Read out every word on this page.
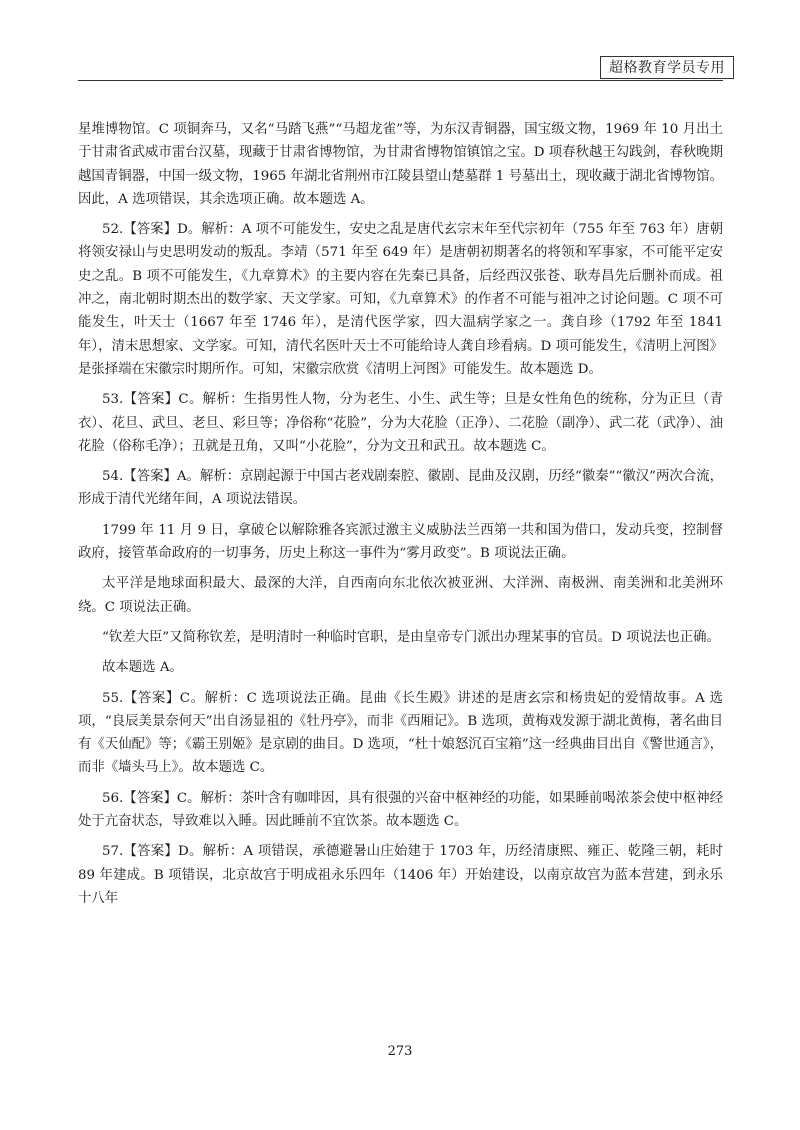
超格教育学员专用

星堆博物馆。C 项铜奔马，又名“马踏飞燕”“马超龙雀”等，为东汉青铜器，国宝级文物，1969 年 10 月出土于甘肃省武威市雷台汉墓，现藏于甘肃省博物馆，为甘肃省博物馆镇馆之宝。D 项春秋越王勾践剑，春秋晚期越国青铜器，中国一级文物，1965 年湖北省荆州市江陵县望山楚墓群 1 号墓出土，现收藏于湖北省博物馆。因此，A 选项错误，其余选项正确。故本题选 A。

52.【答案】D。解析：A 项不可能发生，安史之乱是唐代玄宗末年至代宗初年（755 年至 763 年）唐朝将领安禄山与史思明发动的叛乱。李靖（571 年至 649 年）是唐朝初期著名的将领和军事家，不可能平定安史之乱。B 项不可能发生，《九章算术》的主要内容在先秦已具备，后经西汉张苍、耿寿昌先后删补而成。祖冲之，南北朝时期杰出的数学家、天文学家。可知，《九章算术》的作者不可能与祖冲之讨论问题。C 项不可能发生，叶天士（1667 年至 1746 年），是清代医学家，四大温病学家之一。龚自珍（1792 年至 1841 年），清末思想家、文学家。可知，清代名医叶天士不可能给诗人龚自珍看病。D 项可能发生，《清明上河图》是张择端在宋徽宗时期所作。可知，宋徽宗欣赏《清明上河图》可能发生。故本题选 D。

53.【答案】C。解析：生指男性人物，分为老生、小生、武生等；旦是女性角色的统称，分为正旦（青衣）、花旦、武旦、老旦、彩旦等；净俗称“花脸”，分为大花脸（正净）、二花脸（副净）、武二花（武净）、油花脸（俗称毛净）；丑就是丑角，又叫“小花脸”，分为文丑和武丑。故本题选 C。

54.【答案】A。解析：京剧起源于中国古老戏剧秦腔、徽剧、昆曲及汉剧，历经“徽秦”“徽汉”两次合流，形成于清代光绪年间，A 项说法错误。

1799 年 11 月 9 日，拿破仑以解除雅各宾派过激主义威胁法兰西第一共和国为借口，发动兵变，控制督政府，接管革命政府的一切事务，历史上称这一事件为“雾月政变”。B 项说法正确。

太平洋是地球面积最大、最深的大洋，自西南向东北依次被亚洲、大洋洲、南极洲、南美洲和北美洲环绕。C 项说法正确。

“钦差大臣”又简称钦差，是明清时一种临时官职，是由皇帝专门派出办理某事的官员。D 项说法也正确。

故本题选 A。

55.【答案】C。解析：C 选项说法正确。昆曲《长生殿》讲述的是唐玄宗和杨贵妃的爱情故事。A 选项，“良辰美景奈何天”出自汤显祖的《牡丹亭》，而非《西厢记》。B 选项，黄梅戏发源于湖北黄梅，著名曲目有《天仙配》等；《霸王别姬》是京剧的曲目。D 选项，“杜十娘怒沉百宝箱”这一经典曲目出自《警世通言》，而非《墙头马上》。故本题选 C。

56.【答案】C。解析：茶叶含有咖啡因，具有很强的兴奋中枢神经的功能，如果睡前喝浓茶会使中枢神经处于亢奋状态，导致难以入睡。因此睡前不宜饮茶。故本题选 C。

57.【答案】D。解析：A 项错误，承德避暑山庄始建于 1703 年，历经清康熙、雍正、乾隆三朝，耗时 89 年建成。B 项错误，北京故宫于明成祖永乐四年（1406 年）开始建设，以南京故宫为蓝本营建，到永乐十八年

273
